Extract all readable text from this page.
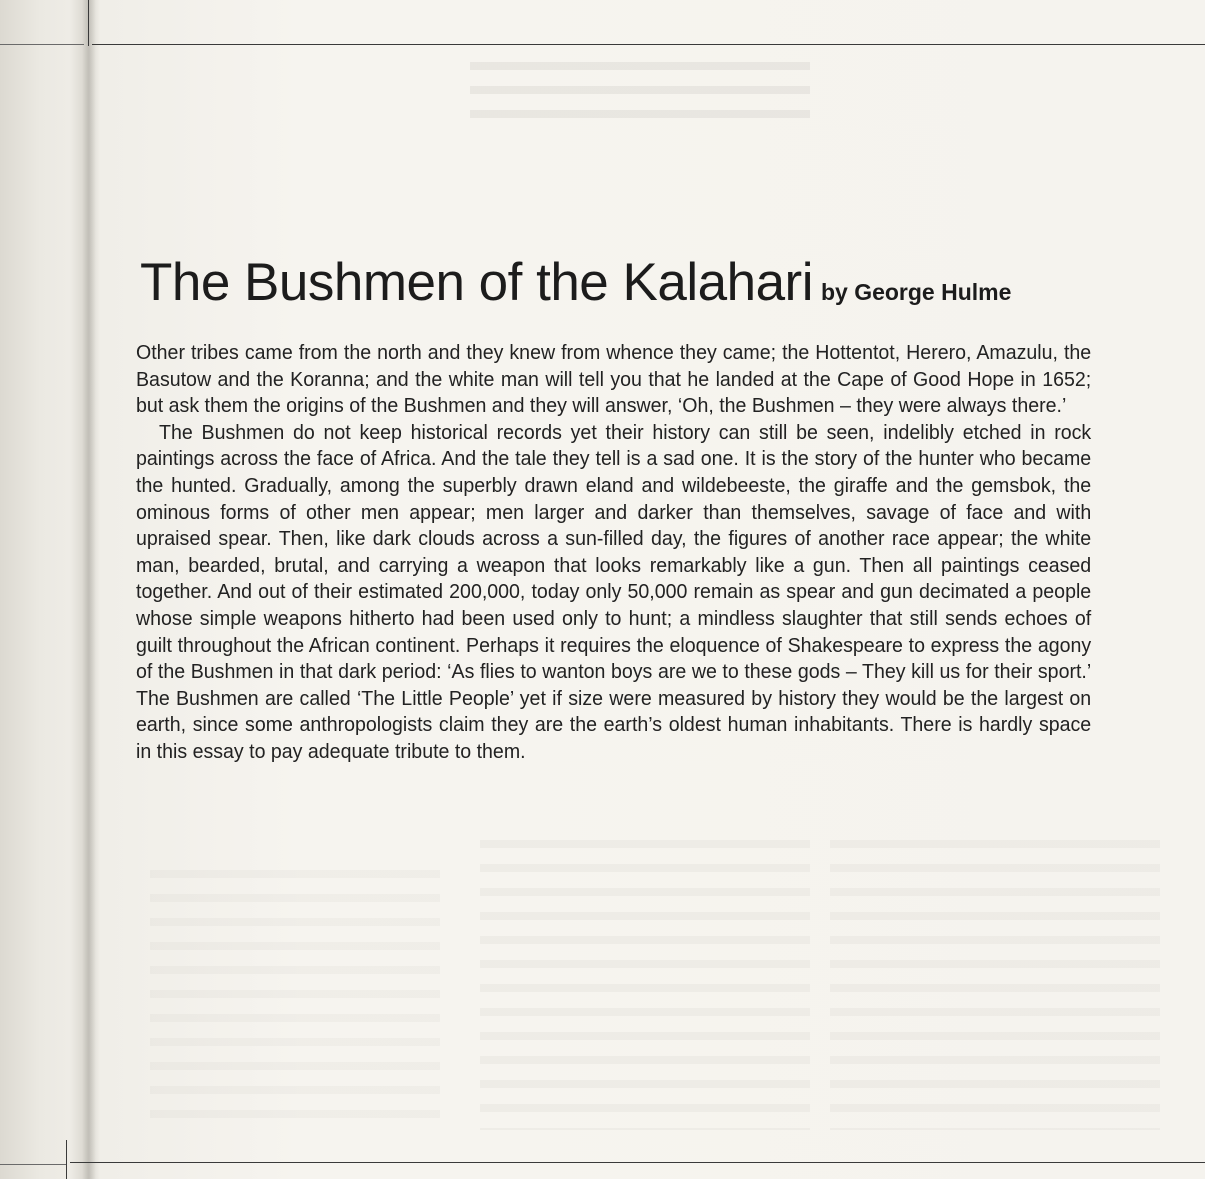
The Bushmen of the Kalahari by George Hulme

Other tribes came from the north and they knew from whence they came; the Hottentot, Herero, Amazulu, the Basutow and the Koranna; and the white man will tell you that he landed at the Cape of Good Hope in 1652; but ask them the origins of the Bushmen and they will answer, ‘Oh, the Bushmen – they were always there.’

The Bushmen do not keep historical records yet their history can still be seen, indelibly etched in rock paintings across the face of Africa. And the tale they tell is a sad one. It is the story of the hunter who became the hunted. Gradually, among the superbly drawn eland and wildebeeste, the giraffe and the gemsbok, the ominous forms of other men appear; men larger and darker than themselves, savage of face and with upraised spear. Then, like dark clouds across a sun-filled day, the figures of another race appear; the white man, bearded, brutal, and carrying a weapon that looks remarkably like a gun. Then all paintings ceased together. And out of their estimated 200,000, today only 50,000 remain as spear and gun decimated a people whose simple weapons hitherto had been used only to hunt; a mindless slaughter that still sends echoes of guilt throughout the African continent. Perhaps it requires the eloquence of Shakespeare to express the agony of the Bushmen in that dark period: ‘As flies to wanton boys are we to these gods – They kill us for their sport.’ The Bushmen are called ‘The Little People’ yet if size were measured by history they would be the largest on earth, since some anthropologists claim they are the earth’s oldest human inhabitants. There is hardly space in this essay to pay adequate tribute to them.
